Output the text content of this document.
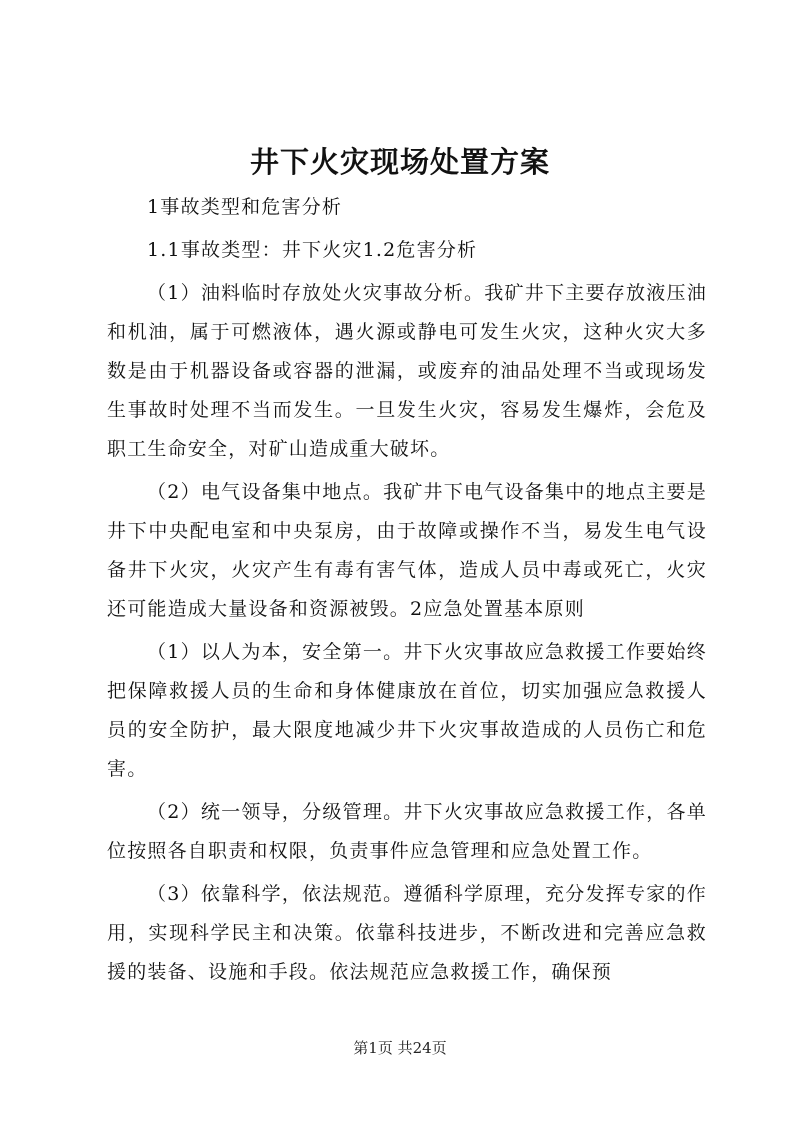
井下火灾现场处置方案

1事故类型和危害分析

1.1事故类型：井下火灾1.2危害分析

（1）油料临时存放处火灾事故分析。我矿井下主要存放液压油和机油，属于可燃液体，遇火源或静电可发生火灾，这种火灾大多数是由于机器设备或容器的泄漏，或废弃的油品处理不当或现场发生事故时处理不当而发生。一旦发生火灾，容易发生爆炸，会危及职工生命安全，对矿山造成重大破坏。

（2）电气设备集中地点。我矿井下电气设备集中的地点主要是井下中央配电室和中央泵房，由于故障或操作不当，易发生电气设备井下火灾，火灾产生有毒有害气体，造成人员中毒或死亡，火灾还可能造成大量设备和资源被毁。2应急处置基本原则

（1）以人为本，安全第一。井下火灾事故应急救援工作要始终把保障救援人员的生命和身体健康放在首位，切实加强应急救援人员的安全防护，最大限度地减少井下火灾事故造成的人员伤亡和危害。

（2）统一领导，分级管理。井下火灾事故应急救援工作，各单位按照各自职责和权限，负责事件应急管理和应急处置工作。

（3）依靠科学，依法规范。遵循科学原理，充分发挥专家的作用，实现科学民主和决策。依靠科技进步，不断改进和完善应急救援的装备、设施和手段。依法规范应急救援工作，确保预

第1页 共24页
